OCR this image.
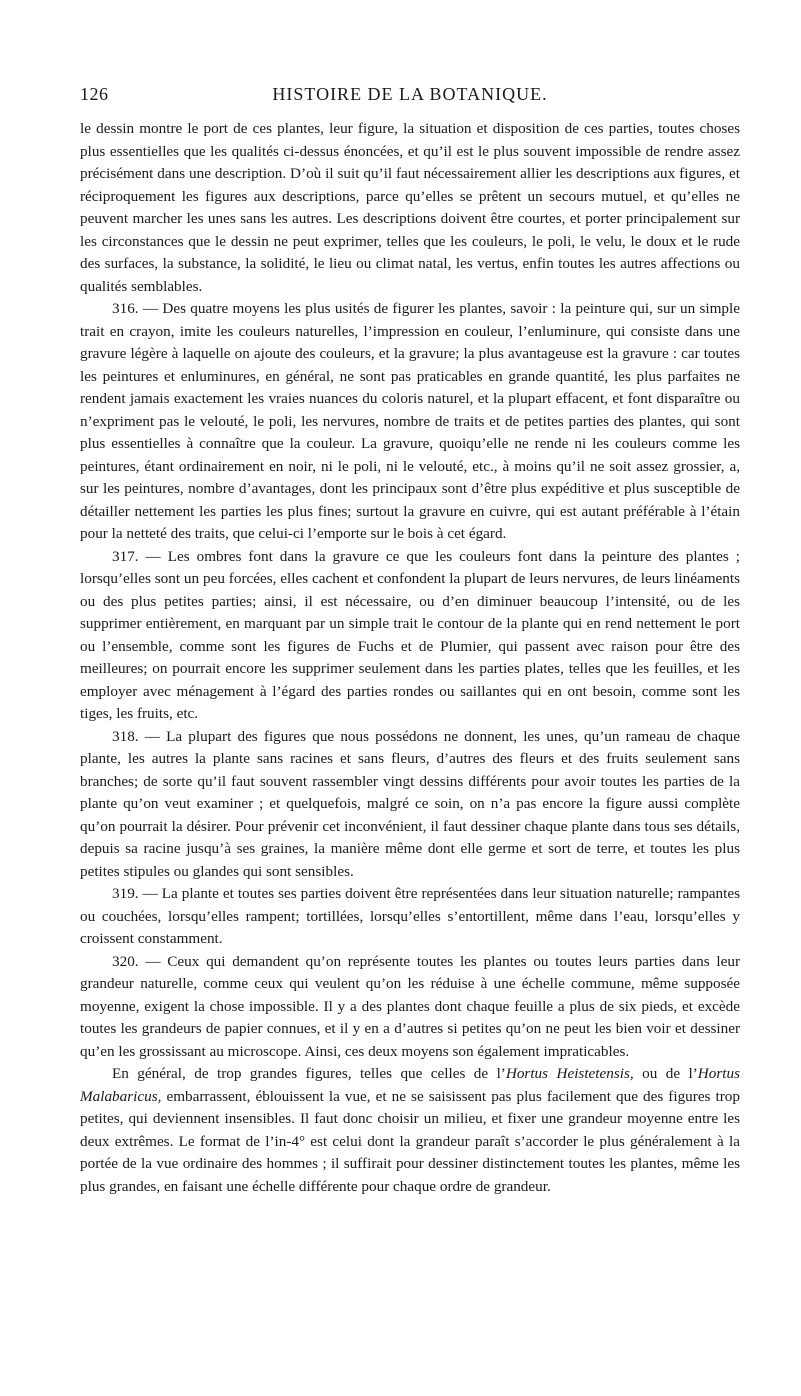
126	HISTOIRE DE LA BOTANIQUE.

le dessin montre le port de ces plantes, leur figure, la situation et disposition de ces parties, toutes choses plus essentielles que les qualités ci-dessus énoncées, et qu’il est le plus souvent impossible de rendre assez précisément dans une description. D’où il suit qu’il faut nécessairement allier les descriptions aux figures, et réciproquement les figures aux descriptions, parce qu’elles se prêtent un secours mutuel, et qu’elles ne peuvent marcher les unes sans les autres. Les descriptions doivent être courtes, et porter principalement sur les circonstances que le dessin ne peut exprimer, telles que les couleurs, le poli, le velu, le doux et le rude des surfaces, la substance, la solidité, le lieu ou climat natal, les vertus, enfin toutes les autres affections ou qualités semblables.

316. — Des quatre moyens les plus usités de figurer les plantes, savoir : la peinture qui, sur un simple trait en crayon, imite les couleurs naturelles, l’impression en couleur, l’enluminure, qui consiste dans une gravure légère à laquelle on ajoute des couleurs, et la gravure; la plus avantageuse est la gravure : car toutes les peintures et enluminures, en général, ne sont pas praticables en grande quantité, les plus parfaites ne rendent jamais exactement les vraies nuances du coloris naturel, et la plupart effacent, et font disparaître ou n’expriment pas le velouté, le poli, les nervures, nombre de traits et de petites parties des plantes, qui sont plus essentielles à connaître que la couleur. La gravure, quoiqu’elle ne rende ni les couleurs comme les peintures, étant ordinairement en noir, ni le poli, ni le velouté, etc., à moins qu’il ne soit assez grossier, a, sur les peintures, nombre d’avantages, dont les principaux sont d’être plus expéditive et plus susceptible de détailler nettement les parties les plus fines; surtout la gravure en cuivre, qui est autant préférable à l’étain pour la netteté des traits, que celui-ci l’emporte sur le bois à cet égard.

317. — Les ombres font dans la gravure ce que les couleurs font dans la peinture des plantes ; lorsqu’elles sont un peu forcées, elles cachent et confondent la plupart de leurs nervures, de leurs linéaments ou des plus petites parties; ainsi, il est nécessaire, ou d’en diminuer beaucoup l’intensité, ou de les supprimer entièrement, en marquant par un simple trait le contour de la plante qui en rend nettement le port ou l’ensemble, comme sont les figures de Fuchs et de Plumier, qui passent avec raison pour être des meilleures; on pourrait encore les supprimer seulement dans les parties plates, telles que les feuilles, et les employer avec ménagement à l’égard des parties rondes ou saillantes qui en ont besoin, comme sont les tiges, les fruits, etc.

318. — La plupart des figures que nous possédons ne donnent, les unes, qu’un rameau de chaque plante, les autres la plante sans racines et sans fleurs, d’autres des fleurs et des fruits seulement sans branches; de sorte qu’il faut souvent rassembler vingt dessins différents pour avoir toutes les parties de la plante qu’on veut examiner ; et quelquefois, malgré ce soin, on n’a pas encore la figure aussi complète qu’on pourrait la désirer. Pour prévenir cet inconvénient, il faut dessiner chaque plante dans tous ses détails, depuis sa racine jusqu’à ses graines, la manière même dont elle germe et sort de terre, et toutes les plus petites stipules ou glandes qui sont sensibles.

319. — La plante et toutes ses parties doivent être représentées dans leur situation naturelle; rampantes ou couchées, lorsqu’elles rampent; tortillées, lorsqu’elles s’entortillent, même dans l’eau, lorsqu’elles y croissent constamment.

320. — Ceux qui demandent qu’on représente toutes les plantes ou toutes leurs parties dans leur grandeur naturelle, comme ceux qui veulent qu’on les réduise à une échelle commune, même supposée moyenne, exigent la chose impossible. Il y a des plantes dont chaque feuille a plus de six pieds, et excède toutes les grandeurs de papier connues, et il y en a d’autres si petites qu’on ne peut les bien voir et dessiner qu’en les grossissant au microscope. Ainsi, ces deux moyens son également impraticables.

En général, de trop grandes figures, telles que celles de l’Hortus Heistetensis, ou de l’Hortus Malabaricus, embarrassent, éblouissent la vue, et ne se saisissent pas plus facilement que des figures trop petites, qui deviennent insensibles. Il faut donc choisir un milieu, et fixer une grandeur moyenne entre les deux extrêmes. Le format de l’in-4° est celui dont la grandeur paraît s’accorder le plus généralement à la portée de la vue ordinaire des hommes ; il suffirait pour dessiner distinctement toutes les plantes, même les plus grandes, en faisant une échelle différente pour chaque ordre de grandeur.
